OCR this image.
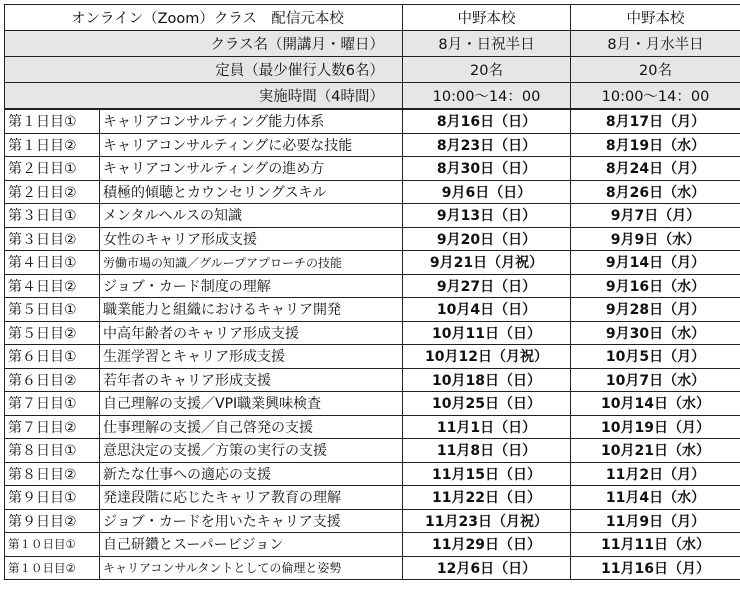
オンライン（Zoom）クラス　配信元本校	中野本校	中野本校
クラス名（開講月・曜日）	8月・日祝半日	8月・月水半日
定員（最少催行人数6名）	20名	20名
実施時間（4時間）	10:00～14：00	10:00～14：00
第１日目①	キャリアコンサルティング能力体系	8月16日（日）	8月17日（月）
第１日目②	キャリアコンサルティングに必要な技能	8月23日（日）	8月19日（水）
第２日目①	キャリアコンサルティングの進め方	8月30日（日）	8月24日（月）
第２日目②	積極的傾聴とカウンセリングスキル	9月6日（日）	8月26日（水）
第３日目①	メンタルヘルスの知識	9月13日（日）	9月7日（月）
第３日目②	女性のキャリア形成支援	9月20日（日）	9月9日（水）
第４日目①	労働市場の知識／グループアプローチの技能	9月21日（月祝）	9月14日（月）
第４日目②	ジョブ・カード制度の理解	9月27日（日）	9月16日（水）
第５日目①	職業能力と組織におけるキャリア開発	10月4日（日）	9月28日（月）
第５日目②	中高年齢者のキャリア形成支援	10月11日（日）	9月30日（水）
第６日目①	生涯学習とキャリア形成支援	10月12日（月祝）	10月5日（月）
第６日目②	若年者のキャリア形成支援	10月18日（日）	10月7日（水）
第７日目①	自己理解の支援／VPI職業興味検査	10月25日（日）	10月14日（水）
第７日目②	仕事理解の支援／自己啓発の支援	11月1日（日）	10月19日（月）
第８日目①	意思決定の支援／方策の実行の支援	11月8日（日）	10月21日（水）
第８日目②	新たな仕事への適応の支援	11月15日（日）	11月2日（月）
第９日目①	発達段階に応じたキャリア教育の理解	11月22日（日）	11月4日（水）
第９日目②	ジョブ・カードを用いたキャリア支援	11月23日（月祝）	11月9日（月）
第１０日目①	自己研鑽とスーパービジョン	11月29日（日）	11月11日（水）
第１０日目②	キャリアコンサルタントとしての倫理と姿勢	12月6日（日）	11月16日（月）
